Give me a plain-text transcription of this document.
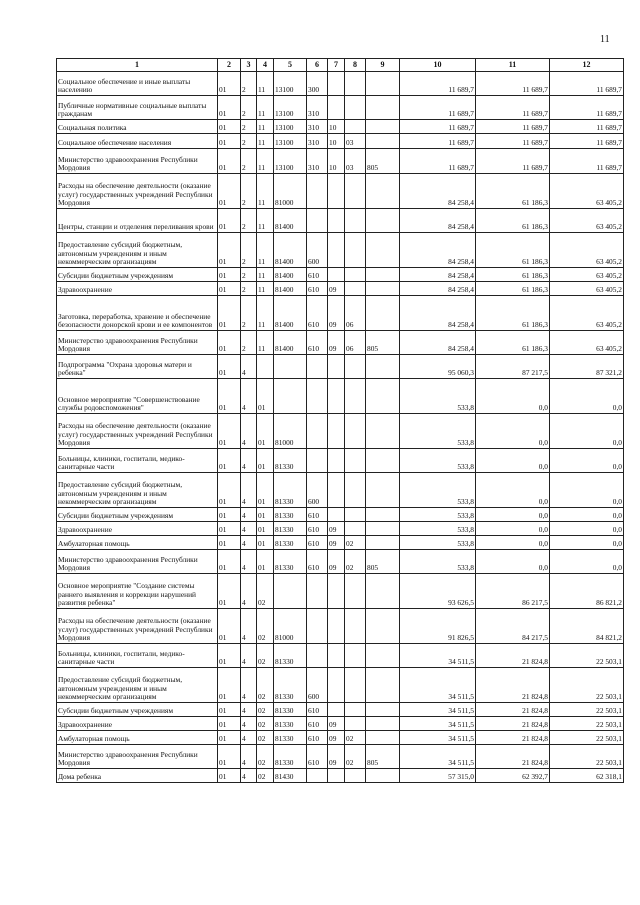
11
1	2	3	4	5	6	7	8	9	10	11	12
Социальное обеспечение и иные выплаты населению	01	2	11	13100	300				11 689,7	11 689,7	11 689,7
Публичные нормативные социальные выплаты гражданам	01	2	11	13100	310				11 689,7	11 689,7	11 689,7
Социальная политика	01	2	11	13100	310	10			11 689,7	11 689,7	11 689,7
Социальное обеспечение населения	01	2	11	13100	310	10	03		11 689,7	11 689,7	11 689,7
Министерство здравоохранения Республики Мордовия	01	2	11	13100	310	10	03	805	11 689,7	11 689,7	11 689,7
Расходы на обеспечение деятельности (оказание услуг) государственных учреждений Республики Мордовия	01	2	11	81000					84 258,4	61 186,3	63 405,2
Центры, станции и отделения переливания крови	01	2	11	81400					84 258,4	61 186,3	63 405,2
Предоставление субсидий бюджетным, автономным учреждениям и иным некоммерческим организациям	01	2	11	81400	600				84 258,4	61 186,3	63 405,2
Субсидии бюджетным учреждениям	01	2	11	81400	610				84 258,4	61 186,3	63 405,2
Здравоохранение	01	2	11	81400	610	09			84 258,4	61 186,3	63 405,2
Заготовка, переработка, хранение и обеспечение безопасности донорской крови и ее компонентов	01	2	11	81400	610	09	06		84 258,4	61 186,3	63 405,2
Министерство здравоохранения Республики Мордовия	01	2	11	81400	610	09	06	805	84 258,4	61 186,3	63 405,2
Подпрограмма "Охрана здоровья матери и ребенка"	01	4							95 060,3	87 217,5	87 321,2
Основное мероприятие "Совершенствование службы родовспоможения"	01	4	01						533,8	0,0	0,0
Расходы на обеспечение деятельности (оказание услуг) государственных учреждений Республики Мордовия	01	4	01	81000					533,8	0,0	0,0
Больницы, клиники, госпитали, медико-санитарные части	01	4	01	81330					533,8	0,0	0,0
Предоставление субсидий бюджетным, автономным учреждениям и иным некоммерческим организациям	01	4	01	81330	600				533,8	0,0	0,0
Субсидии бюджетным учреждениям	01	4	01	81330	610				533,8	0,0	0,0
Здравоохранение	01	4	01	81330	610	09			533,8	0,0	0,0
Амбулаторная помощь	01	4	01	81330	610	09	02		533,8	0,0	0,0
Министерство здравоохранения Республики Мордовия	01	4	01	81330	610	09	02	805	533,8	0,0	0,0
Основное мероприятие "Создание системы раннего выявления и коррекции нарушений развития ребенка"	01	4	02						93 626,5	86 217,5	86 821,2
Расходы на обеспечение деятельности (оказание услуг) государственных учреждений Республики Мордовия	01	4	02	81000					91 826,5	84 217,5	84 821,2
Больницы, клиники, госпитали, медико-санитарные части	01	4	02	81330					34 511,5	21 824,8	22 503,1
Предоставление субсидий бюджетным, автономным учреждениям и иным некоммерческим организациям	01	4	02	81330	600				34 511,5	21 824,8	22 503,1
Субсидии бюджетным учреждениям	01	4	02	81330	610				34 511,5	21 824,8	22 503,1
Здравоохранение	01	4	02	81330	610	09			34 511,5	21 824,8	22 503,1
Амбулаторная помощь	01	4	02	81330	610	09	02		34 511,5	21 824,8	22 503,1
Министерство здравоохранения Республики Мордовия	01	4	02	81330	610	09	02	805	34 511,5	21 824,8	22 503,1
Дома ребенка	01	4	02	81430					57 315,0	62 392,7	62 318,1
